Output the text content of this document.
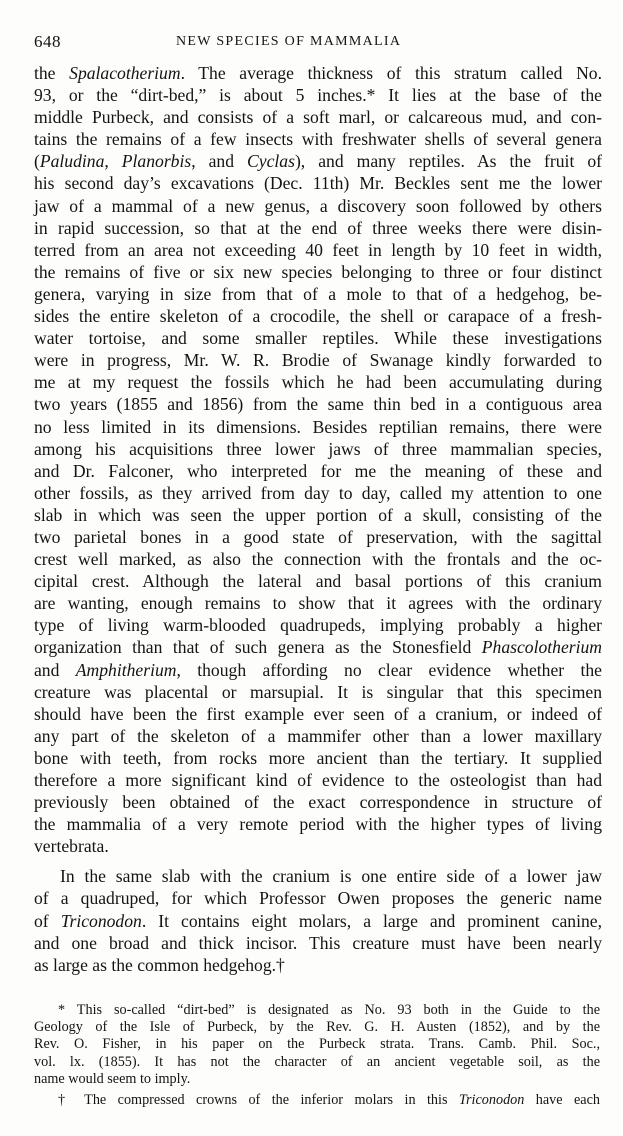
648	NEW SPECIES OF MAMMALIA
the Spalacotherium. The average thickness of this stratum called No.
93, or the “dirt-bed,” is about 5 inches.* It lies at the base of the
middle Purbeck, and consists of a soft marl, or calcareous mud, and con-
tains the remains of a few insects with freshwater shells of several genera
(Paludina, Planorbis, and Cyclas), and many reptiles. As the fruit of
his second day’s excavations (Dec. 11th) Mr. Beckles sent me the lower
jaw of a mammal of a new genus, a discovery soon followed by others
in rapid succession, so that at the end of three weeks there were disin-
terred from an area not exceeding 40 feet in length by 10 feet in width,
the remains of five or six new species belonging to three or four distinct
genera, varying in size from that of a mole to that of a hedgehog, be-
sides the entire skeleton of a crocodile, the shell or carapace of a fresh-
water tortoise, and some smaller reptiles. While these investigations
were in progress, Mr. W. R. Brodie of Swanage kindly forwarded to
me at my request the fossils which he had been accumulating during
two years (1855 and 1856) from the same thin bed in a contiguous area
no less limited in its dimensions. Besides reptilian remains, there were
among his acquisitions three lower jaws of three mammalian species,
and Dr. Falconer, who interpreted for me the meaning of these and
other fossils, as they arrived from day to day, called my attention to one
slab in which was seen the upper portion of a skull, consisting of the
two parietal bones in a good state of preservation, with the sagittal
crest well marked, as also the connection with the frontals and the oc-
cipital crest. Although the lateral and basal portions of this cranium
are wanting, enough remains to show that it agrees with the ordinary
type of living warm-blooded quadrupeds, implying probably a higher
organization than that of such genera as the Stonesfield Phascolotherium
and Amphitherium, though affording no clear evidence whether the
creature was placental or marsupial. It is singular that this specimen
should have been the first example ever seen of a cranium, or indeed of
any part of the skeleton of a mammifer other than a lower maxillary
bone with teeth, from rocks more ancient than the tertiary. It supplied
therefore a more significant kind of evidence to the osteologist than had
previously been obtained of the exact correspondence in structure of
the mammalia of a very remote period with the higher types of living
vertebrata.
In the same slab with the cranium is one entire side of a lower jaw
of a quadruped, for which Professor Owen proposes the generic name
of Triconodon. It contains eight molars, a large and prominent canine,
and one broad and thick incisor. This creature must have been nearly
as large as the common hedgehog.†
* This so-called “dirt-bed” is designated as No. 93 both in the Guide to the
Geology of the Isle of Purbeck, by the Rev. G. H. Austen (1852), and by the
Rev. O. Fisher, in his paper on the Purbeck strata. Trans. Camb. Phil. Soc.,
vol. lx. (1855). It has not the character of an ancient vegetable soil, as the
name would seem to imply.
† The compressed crowns of the inferior molars in this Triconodon have each
